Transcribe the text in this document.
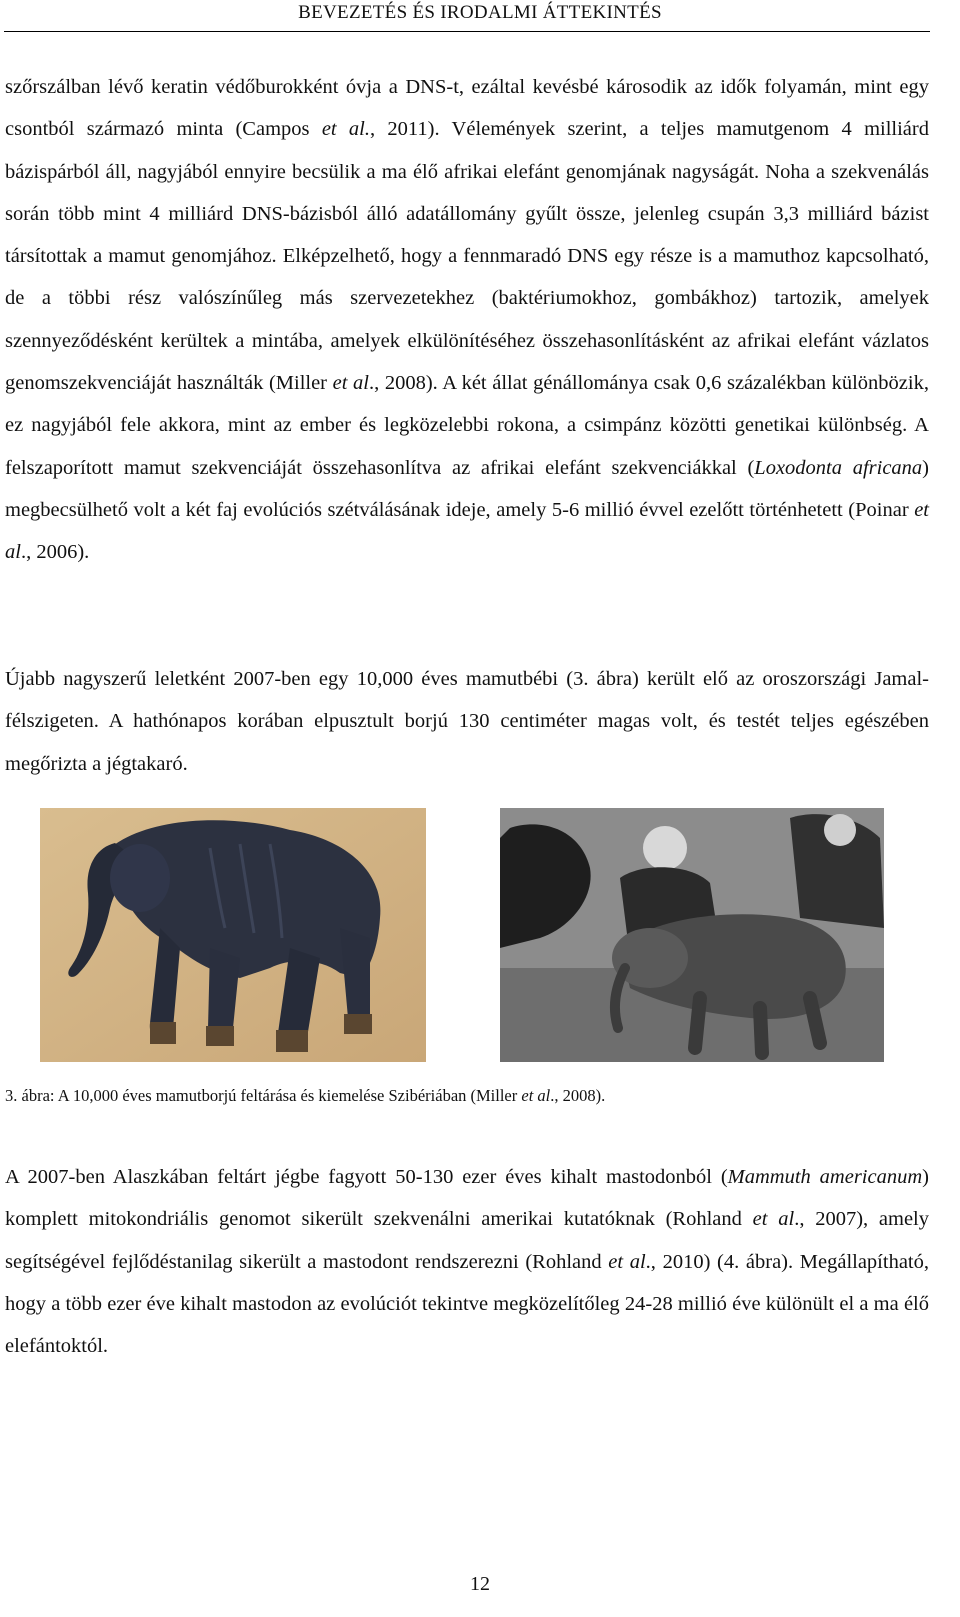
BEVEZETÉS ÉS IRODALMI ÁTTEKINTÉS

szőrszálban lévő keratin védőburokként óvja a DNS-t, ezáltal kevésbé károsodik az idők folyamán, mint egy csontból származó minta (Campos et al., 2011). Vélemények szerint, a teljes mamutgenom 4 milliárd bázispárból áll, nagyjából ennyire becsülik a ma élő afrikai elefánt genomjának nagyságát. Noha a szekvenálás során több mint 4 milliárd DNS-bázisból álló adatállomány gyűlt össze, jelenleg csupán 3,3 milliárd bázist társítottak a mamut genomjához. Elképzelhető, hogy a fennmaradó DNS egy része is a mamuthoz kapcsolható, de a többi rész valószínűleg más szervezetekhez (baktériumokhoz, gombákhoz) tartozik, amelyek szennyeződésként kerültek a mintába, amelyek elkülönítéséhez összehasonlításként az afrikai elefánt vázlatos genomszekvenciáját használták (Miller et al., 2008). A két állat génállománya csak 0,6 százalékban különbözik, ez nagyjából fele akkora, mint az ember és legközelebbi rokona, a csimpánz közötti genetikai különbség. A felszaporított mamut szekvenciáját összehasonlítva az afrikai elefánt szekvenciákkal (Loxodonta africana) megbecsülhető volt a két faj evolúciós szétválásának ideje, amely 5-6 millió évvel ezelőtt történhetett (Poinar et al., 2006).

Újabb nagyszerű leletként 2007-ben egy 10,000 éves mamutbébi (3. ábra) került elő az oroszországi Jamal-félszigeten. A hathónapos korában elpusztult borjú 130 centiméter magas volt, és testét teljes egészében megőrizta a jégtakaró.

3. ábra: A 10,000 éves mamutborjú feltárása és kiemelése Szibériában (Miller et al., 2008).

A 2007-ben Alaszkában feltárt jégbe fagyott 50-130 ezer éves kihalt mastodonból (Mammuth americanum) komplett mitokondriális genomot sikerült szekvenálni amerikai kutatóknak (Rohland et al., 2007), amely segítségével fejlődéstanilag sikerült a mastodont rendszerezni (Rohland et al., 2010) (4. ábra). Megállapítható, hogy a több ezer éve kihalt mastodon az evolúciót tekintve megközelítőleg 24-28 millió éve különült el a ma élő elefántoktól.

12
